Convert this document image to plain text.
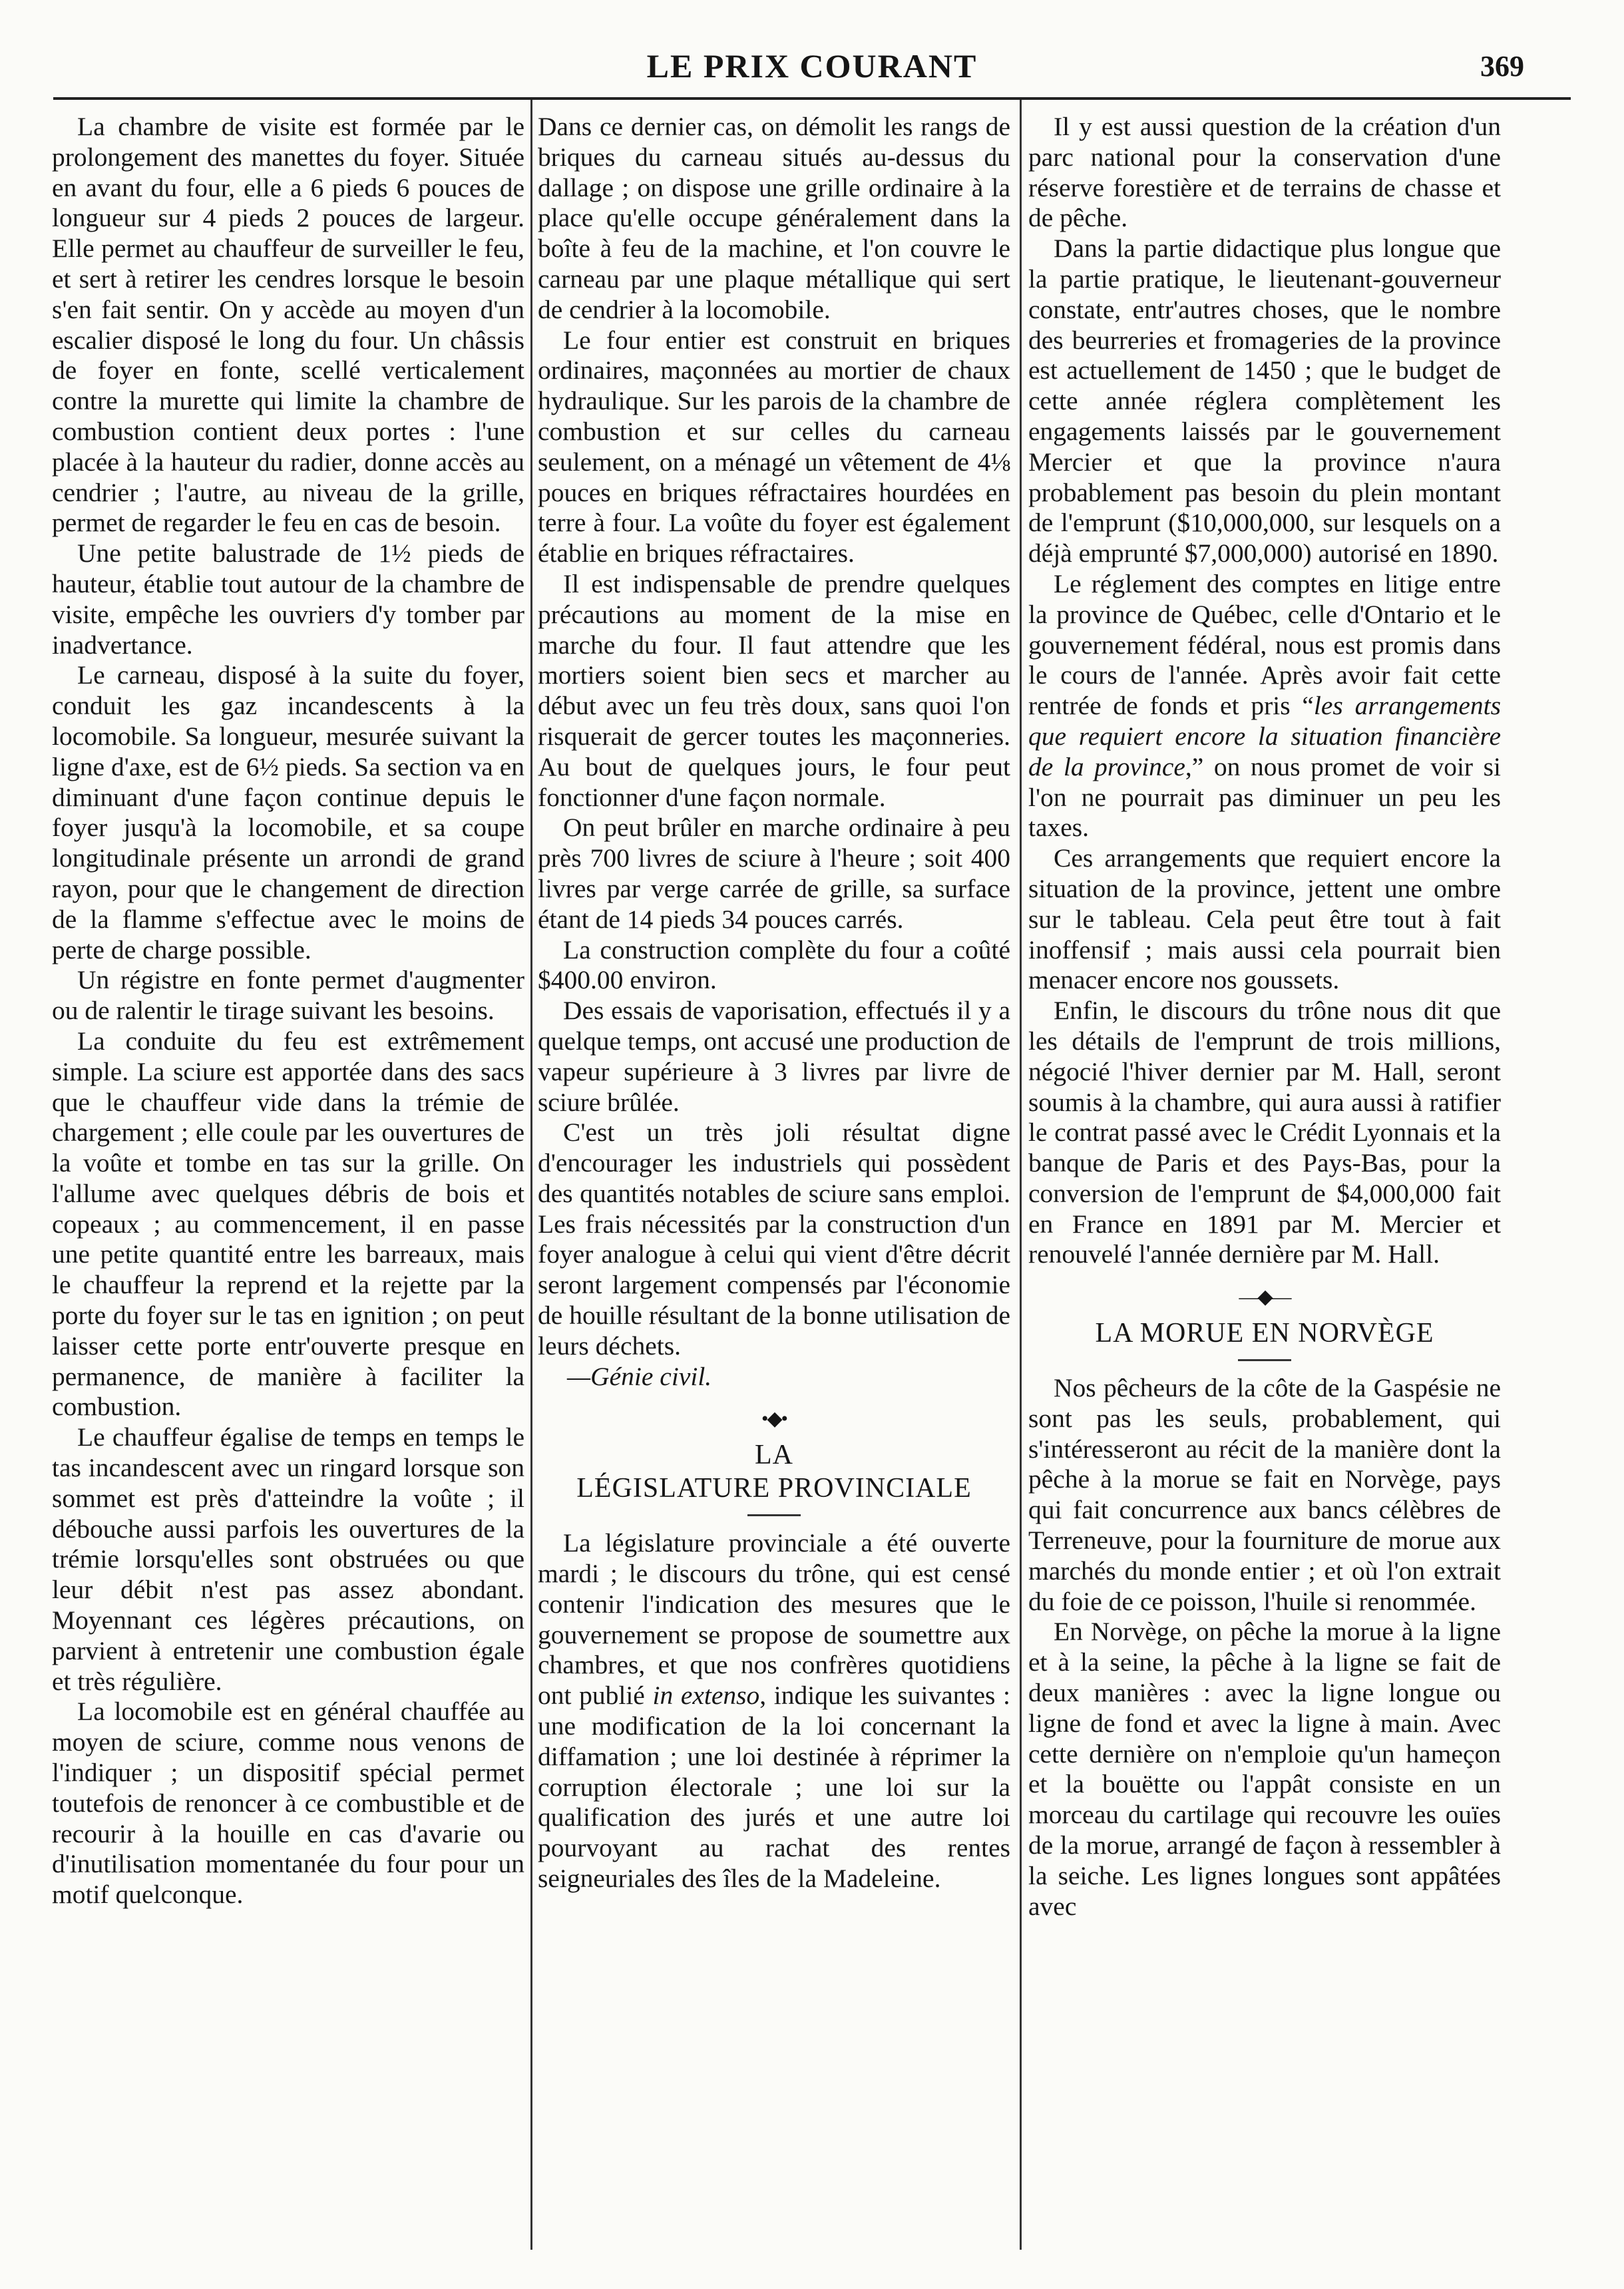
LE PRIX COURANT	369

La chambre de visite est formée par le prolongement des manettes du foyer. Située en avant du four, elle a 6 pieds 6 pouces de longueur sur 4 pieds 2 pouces de largeur. Elle permet au chauffeur de surveiller le feu, et sert à retirer les cendres lorsque le besoin s'en fait sentir. On y accède au moyen d'un escalier disposé le long du four. Un châssis de foyer en fonte, scellé verticalement contre la murette qui limite la chambre de combustion contient deux portes : l'une placée à la hauteur du radier, donne accès au cendrier ; l'autre, au niveau de la grille, permet de regarder le feu en cas de besoin.

Une petite balustrade de 1½ pieds de hauteur, établie tout autour de la chambre de visite, empêche les ouvriers d'y tomber par inadvertance.

Le carneau, disposé à la suite du foyer, conduit les gaz incandescents à la locomobile. Sa longueur, mesurée suivant la ligne d'axe, est de 6½ pieds. Sa section va en diminuant d'une façon continue depuis le foyer jusqu'à la locomobile, et sa coupe longitudinale présente un arrondi de grand rayon, pour que le changement de direction de la flamme s'effectue avec le moins de perte de charge possible.

Un régistre en fonte permet d'augmenter ou de ralentir le tirage suivant les besoins.

La conduite du feu est extrêmement simple. La sciure est apportée dans des sacs que le chauffeur vide dans la trémie de chargement ; elle coule par les ouvertures de la voûte et tombe en tas sur la grille. On l'allume avec quelques débris de bois et copeaux ; au commencement, il en passe une petite quantité entre les barreaux, mais le chauffeur la reprend et la rejette par la porte du foyer sur le tas en ignition ; on peut laisser cette porte entr'ouverte presque en permanence, de manière à faciliter la combustion.

Le chauffeur égalise de temps en temps le tas incandescent avec un ringard lorsque son sommet est près d'atteindre la voûte ; il débouche aussi parfois les ouvertures de la trémie lorsqu'elles sont obstruées ou que leur débit n'est pas assez abondant. Moyennant ces légères précautions, on parvient à entretenir une combustion égale et très régulière.

La locomobile est en général chauffée au moyen de sciure, comme nous venons de l'indiquer ; un dispositif spécial permet toutefois de renoncer à ce combustible et de recourir à la houille en cas d'avarie ou d'inutilisation momentanée du four pour un motif quelconque.

Dans ce dernier cas, on démolit les rangs de briques du carneau situés au-dessus du dallage ; on dispose une grille ordinaire à la place qu'elle occupe généralement dans la boîte à feu de la machine, et l'on couvre le carneau par une plaque métallique qui sert de cendrier à la locomobile.

Le four entier est construit en briques ordinaires, maçonnées au mortier de chaux hydraulique. Sur les parois de la chambre de combustion et sur celles du carneau seulement, on a ménagé un vêtement de 4⅛ pouces en briques réfractaires hourdées en terre à four. La voûte du foyer est également établie en briques réfractaires.

Il est indispensable de prendre quelques précautions au moment de la mise en marche du four. Il faut attendre que les mortiers soient bien secs et marcher au début avec un feu très doux, sans quoi l'on risquerait de gercer toutes les maçonneries. Au bout de quelques jours, le four peut fonctionner d'une façon normale.

On peut brûler en marche ordinaire à peu près 700 livres de sciure à l'heure ; soit 400 livres par verge carrée de grille, sa surface étant de 14 pieds 34 pouces carrés.

La construction complète du four a coûté $400.00 environ.

Des essais de vaporisation, effectués il y a quelque temps, ont accusé une production de vapeur supérieure à 3 livres par livre de sciure brûlée.

C'est un très joli résultat digne d'encourager les industriels qui possèdent des quantités notables de sciure sans emploi. Les frais nécessités par la construction d'un foyer analogue à celui qui vient d'être décrit seront largement compensés par l'économie de houille résultant de la bonne utilisation de leurs déchets.

—Génie civil.

•◆•
LA
LÉGISLATURE PROVINCIALE

La législature provinciale a été ouverte mardi ; le discours du trône, qui est censé contenir l'indication des mesures que le gouvernement se propose de soumettre aux chambres, et que nos confrères quotidiens ont publié in extenso, indique les suivantes : une modification de la loi concernant la diffamation ; une loi destinée à réprimer la corruption électorale ; une loi sur la qualification des jurés et une autre loi pourvoyant au rachat des rentes seigneuriales des îles de la Madeleine.

Il y est aussi question de la création d'un parc national pour la conservation d'une réserve forestière et de terrains de chasse et de pêche.

Dans la partie didactique plus longue que la partie pratique, le lieutenant-gouverneur constate, entr'autres choses, que le nombre des beurreries et fromageries de la province est actuellement de 1450 ; que le budget de cette année réglera complètement les engagements laissés par le gouvernement Mercier et que la province n'aura probablement pas besoin du plein montant de l'emprunt ($10,000,000, sur lesquels on a déjà emprunté $7,000,000) autorisé en 1890.

Le réglement des comptes en litige entre la province de Québec, celle d'Ontario et le gouvernement fédéral, nous est promis dans le cours de l'année. Après avoir fait cette rentrée de fonds et pris “les arrangements que requiert encore la situation financière de la province,” on nous promet de voir si l'on ne pourrait pas diminuer un peu les taxes.

Ces arrangements que requiert encore la situation de la province, jettent une ombre sur le tableau. Cela peut être tout à fait inoffensif ; mais aussi cela pourrait bien menacer encore nos goussets.

Enfin, le discours du trône nous dit que les détails de l'emprunt de trois millions, négocié l'hiver dernier par M. Hall, seront soumis à la chambre, qui aura aussi à ratifier le contrat passé avec le Crédit Lyonnais et la banque de Paris et des Pays-Bas, pour la conversion de l'emprunt de $4,000,000 fait en France en 1891 par M. Mercier et renouvelé l'année dernière par M. Hall.

—◆—
LA MORUE EN NORVÈGE

Nos pêcheurs de la côte de la Gaspésie ne sont pas les seuls, probablement, qui s'intéresseront au récit de la manière dont la pêche à la morue se fait en Norvège, pays qui fait concurrence aux bancs célèbres de Terreneuve, pour la fourniture de morue aux marchés du monde entier ; et où l'on extrait du foie de ce poisson, l'huile si renommée.

En Norvège, on pêche la morue à la ligne et à la seine, la pêche à la ligne se fait de deux manières : avec la ligne longue ou ligne de fond et avec la ligne à main. Avec cette dernière on n'emploie qu'un hameçon et la bouëtte ou l'appât consiste en un morceau du cartilage qui recouvre les ouïes de la morue, arrangé de façon à ressembler à la seiche. Les lignes longues sont appâtées avec
